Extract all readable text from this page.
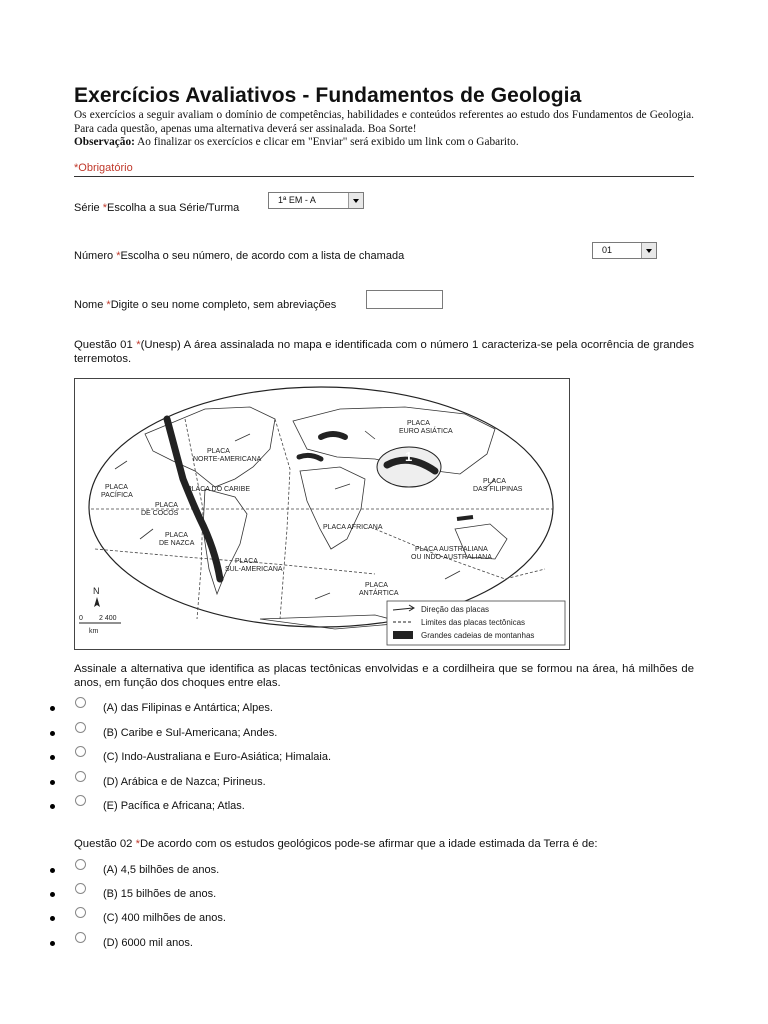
Exercícios Avaliativos - Fundamentos de Geologia
Os exercícios a seguir avaliam o domínio de competências, habilidades e conteúdos referentes ao estudo dos Fundamentos de Geologia. Para cada questão, apenas uma alternativa deverá ser assinalada. Boa Sorte!
Observação: Ao finalizar os exercícios e clicar em "Enviar" será exibido um link com o Gabarito.
*Obrigatório
Série *Escolha a sua Série/Turma
1ª EM - A
Número *Escolha o seu número, de acordo com a lista de chamada	01
Nome *Digite o seu nome completo, sem abreviações
Questão 01 *(Unesp) A área assinalada no mapa e identificada com o número 1 caracteriza-se pela ocorrência de grandes terremotos.
1
PLACA EURO ASIÁTICA
PLACA NORTE-AMERICANA
PLACA PACÍFICA
PLACA DO CARIBE
PLACA DE COCOS
PLACA DE NAZCA
PLACA AFRICANA
PLACA DAS FILIPINAS
PLACA SUL-AMERICANA
PLACA AUSTRALIANA OU INDO-AUSTRALIANA
PLACA ANTÁRTICA
N
0 2 400
km
Direção das placas
Limites das placas tectônicas
Grandes cadeias de montanhas
Assinale a alternativa que identifica as placas tectônicas envolvidas e a cordilheira que se formou na área, há milhões de anos, em função dos choques entre elas.
(A) das Filipinas e Antártica; Alpes.
(B) Caribe e Sul-Americana; Andes.
(C) Indo-Australiana e Euro-Asiática; Himalaia.
(D) Arábica e de Nazca; Pirineus.
(E) Pacífica e Africana; Atlas.
Questão 02 *De acordo com os estudos geológicos pode-se afirmar que a idade estimada da Terra é de:
(A) 4,5 bilhões de anos.
(B) 15 bilhões de anos.
(C) 400 milhões de anos.
(D) 6000 mil anos.
